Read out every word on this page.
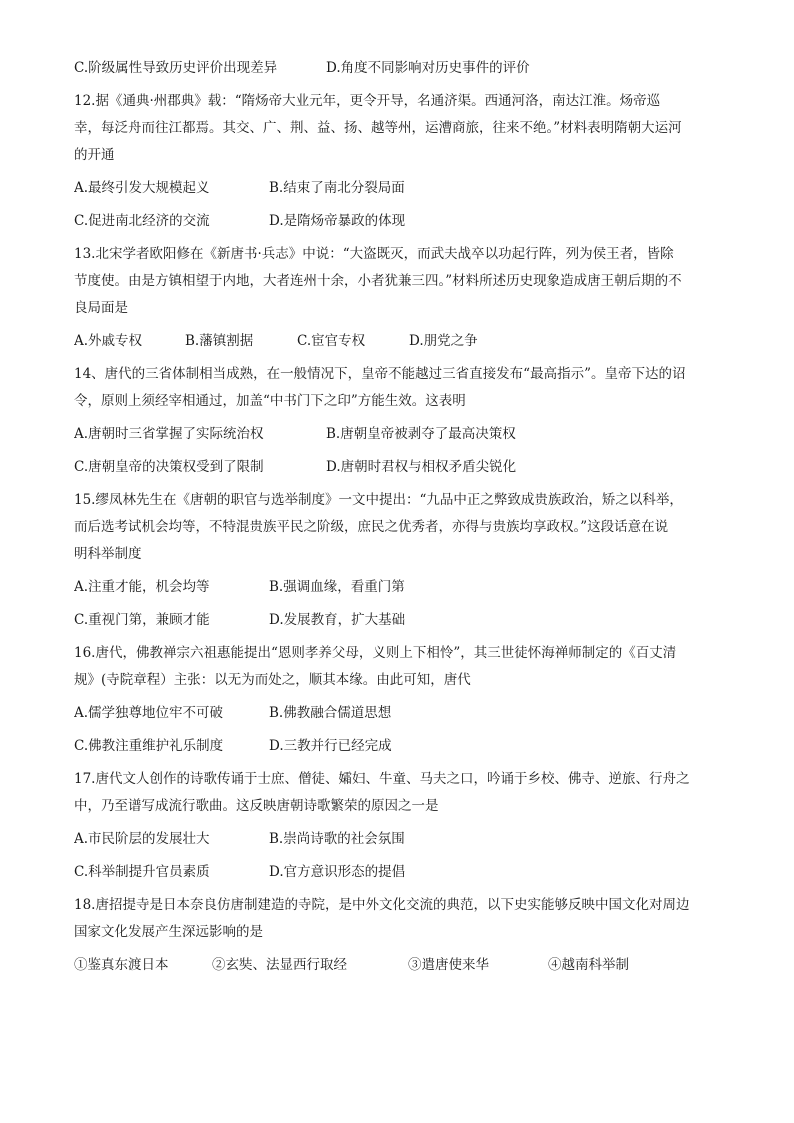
C.阶级属性导致历史评价出现差异	D.角度不同影响对历史事件的评价
12.据《通典·州郡典》载：“隋炀帝大业元年，更令开导，名通济渠。西通河洛，南达江淮。炀帝巡
幸，每泛舟而往江都焉。其交、广、荆、益、扬、越等州，运漕商旅，往来不绝。”材料表明隋朝大运河
的开通
A.最终引发大规模起义	B.结束了南北分裂局面
C.促进南北经济的交流	D.是隋炀帝暴政的体现
13.北宋学者欧阳修在《新唐书·兵志》中说：“大盗既灭，而武夫战卒以功起行阵，列为侯王者，皆除
节度使。由是方镇相望于内地，大者连州十余，小者犹兼三四。”材料所述历史现象造成唐王朝后期的不
良局面是
A.外戚专权	B.藩镇割据	C.宦官专权	D.朋党之争
14、唐代的三省体制相当成熟，在一般情况下，皇帝不能越过三省直接发布“最高指示”。皇帝下达的诏
令，原则上须经宰相通过，加盖“中书门下之印”方能生效。这表明
A.唐朝时三省掌握了实际统治权	B.唐朝皇帝被剥夺了最高决策权
C.唐朝皇帝的决策权受到了限制	D.唐朝时君权与相权矛盾尖锐化
15.缪凤林先生在《唐朝的职官与选举制度》一文中提出：“九品中正之弊致成贵族政治，矫之以科举，
而后选考试机会均等，不特混贵族平民之阶级，庶民之优秀者，亦得与贵族均享政权。”这段话意在说
明科举制度
A.注重才能，机会均等	B.强调血缘，看重门第
C.重视门第，兼顾才能	D.发展教育，扩大基础
16.唐代，佛教禅宗六祖惠能提出“恩则孝养父母，义则上下相怜”，其三世徒怀海禅师制定的《百丈清
规》(寺院章程）主张：以无为而处之，顺其本缘。由此可知，唐代
A.儒学独尊地位牢不可破	B.佛教融合儒道思想
C.佛教注重维护礼乐制度	D.三教并行已经完成
17.唐代文人创作的诗歌传诵于士庶、僧徒、孀妇、牛童、马夫之口，吟诵于乡校、佛寺、逆旅、行舟之
中，乃至谱写成流行歌曲。这反映唐朝诗歌繁荣的原因之一是
A.市民阶层的发展壮大	B.崇尚诗歌的社会氛围
C.科举制提升官员素质	D.官方意识形态的提倡
18.唐招提寺是日本奈良仿唐制建造的寺院，是中外文化交流的典范，以下史实能够反映中国文化对周边
国家文化发展产生深远影响的是
①鉴真东渡日本	②玄奘、法显西行取经	③遣唐使来华	④越南科举制
